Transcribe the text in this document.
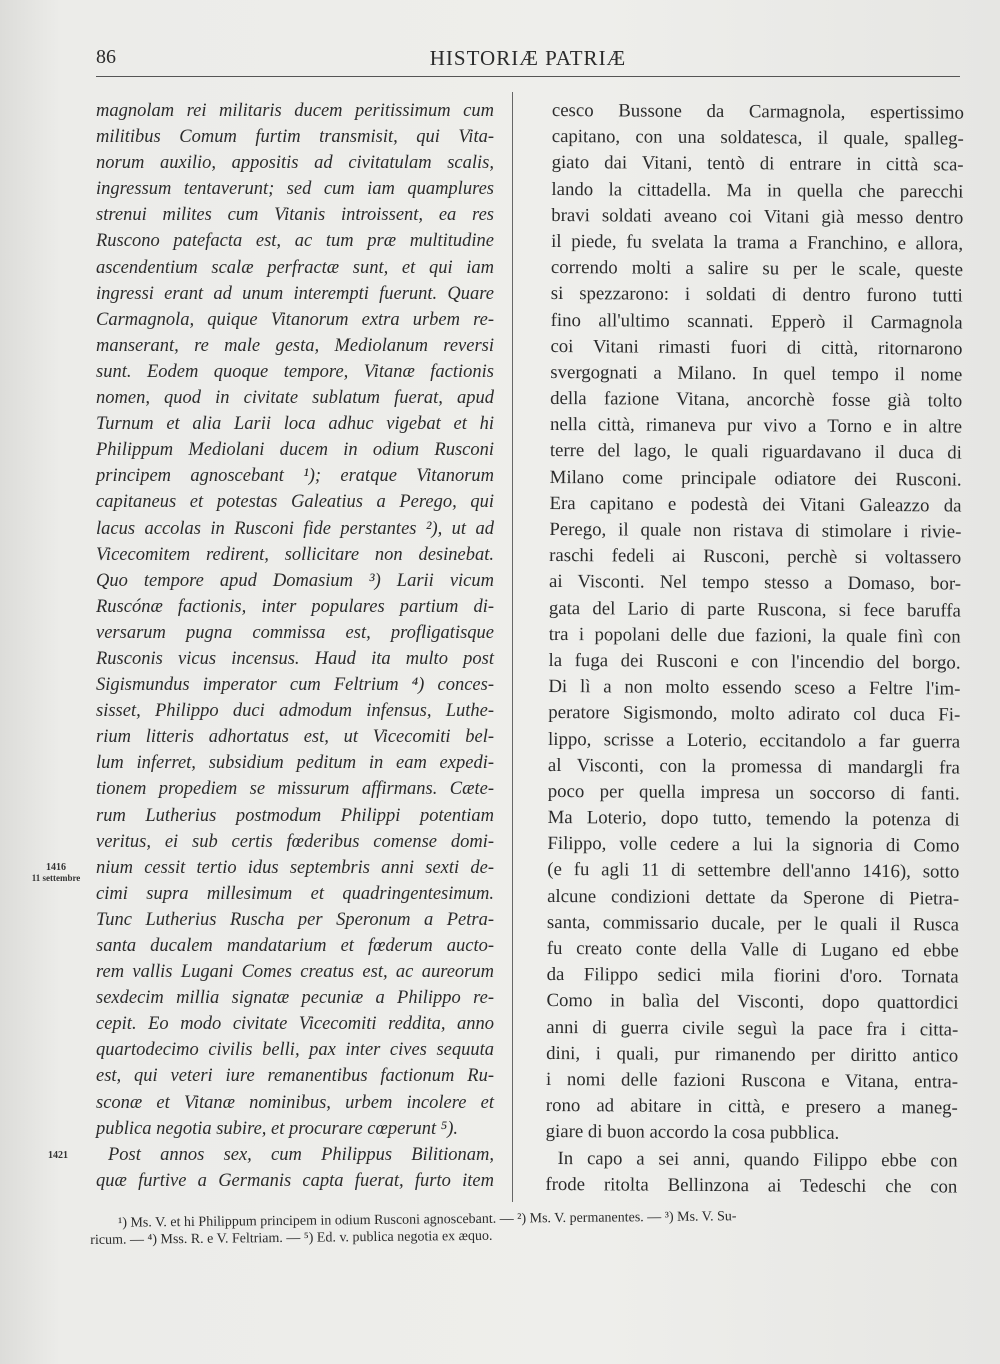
86	HISTORIÆ PATRIÆ
1416
11 settembre
1421
magnolam rei militaris ducem peritissimum cum
militibus Comum furtim transmisit, qui Vita-
norum auxilio, appositis ad civitatulam scalis,
ingressum tentaverunt; sed cum iam quamplures
strenui milites cum Vitanis introissent, ea res
Ruscono patefacta est, ac tum præ multitudine
ascendentium scalæ perfractæ sunt, et qui iam
ingressi erant ad unum interempti fuerunt. Quare
Carmagnola, quique Vitanorum extra urbem re-
manserant, re male gesta, Mediolanum reversi
sunt. Eodem quoque tempore, Vitanæ factionis
nomen, quod in civitate sublatum fuerat, apud
Turnum et alia Larii loca adhuc vigebat et hi
Philippum Mediolani ducem in odium Rusconi
principem agnoscebant ¹); eratque Vitanorum
capitaneus et potestas Galeatius a Perego, qui
lacus accolas in Rusconi fide perstantes ²), ut ad
Vicecomitem redirent, sollicitare non desinebat.
Quo tempore apud Domasium ³) Larii vicum
Ruscónæ factionis, inter populares partium di-
versarum pugna commissa est, profligatisque
Rusconis vicus incensus. Haud ita multo post
Sigismundus imperator cum Feltrium ⁴) conces-
sisset, Philippo duci admodum infensus, Luthe-
rium litteris adhortatus est, ut Vicecomiti bel-
lum inferret, subsidium peditum in eam expedi-
tionem propediem se missurum affirmans. Cæte-
rum Lutherius postmodum Philippi potentiam
veritus, ei sub certis fœderibus comense domi-
nium cessit tertio idus septembris anni sexti de-
cimi supra millesimum et quadringentesimum.
Tunc Lutherius Ruscha per Speronum a Petra-
santa ducalem mandatarium et fœderum aucto-
rem vallis Lugani Comes creatus est, ac aureorum
sexdecim millia signatæ pecuniæ a Philippo re-
cepit. Eo modo civitate Vicecomiti reddita, anno
quartodecimo civilis belli, pax inter cives sequuta
est, qui veteri iure remanentibus factionum Ru-
sconæ et Vitanæ nominibus, urbem incolere et
publica negotia subire, et procurare cœperunt ⁵).
Post annos sex, cum Philippus Bilitionam,
quæ furtive a Germanis capta fuerat, furto item
cesco Bussone da Carmagnola, espertissimo
capitano, con una soldatesca, il quale, spalleg-
giato dai Vitani, tentò di entrare in città sca-
lando la cittadella. Ma in quella che parecchi
bravi soldati aveano coi Vitani già messo dentro
il piede, fu svelata la trama a Franchino, e allora,
correndo molti a salire su per le scale, queste
si spezzarono: i soldati di dentro furono tutti
fino all'ultimo scannati. Epperò il Carmagnola
coi Vitani rimasti fuori di città, ritornarono
svergognati a Milano. In quel tempo il nome
della fazione Vitana, ancorchè fosse già tolto
nella città, rimaneva pur vivo a Torno e in altre
terre del lago, le quali riguardavano il duca di
Milano come principale odiatore dei Rusconi.
Era capitano e podestà dei Vitani Galeazzo da
Perego, il quale non ristava di stimolare i rivie-
raschi fedeli ai Rusconi, perchè si voltassero
ai Visconti. Nel tempo stesso a Domaso, bor-
gata del Lario di parte Ruscona, si fece baruffa
tra i popolani delle due fazioni, la quale finì con
la fuga dei Rusconi e con l'incendio del borgo.
Di lì a non molto essendo sceso a Feltre l'im-
peratore Sigismondo, molto adirato col duca Fi-
lippo, scrisse a Loterio, eccitandolo a far guerra
al Visconti, con la promessa di mandargli fra
poco per quella impresa un soccorso di fanti.
Ma Loterio, dopo tutto, temendo la potenza di
Filippo, volle cedere a lui la signoria di Como
(e fu agli 11 di settembre dell'anno 1416), sotto
alcune condizioni dettate da Sperone di Pietra-
santa, commissario ducale, per le quali il Rusca
fu creato conte della Valle di Lugano ed ebbe
da Filippo sedici mila fiorini d'oro. Tornata
Como in balìa del Visconti, dopo quattordici
anni di guerra civile seguì la pace fra i citta-
dini, i quali, pur rimanendo per diritto antico
i nomi delle fazioni Ruscona e Vitana, entra-
rono ad abitare in città, e presero a maneg-
giare di buon accordo la cosa pubblica.
In capo a sei anni, quando Filippo ebbe con
frode ritolta Bellinzona ai Tedeschi che con
¹) Ms. V. et hi Philippum principem in odium Rusconi agnoscebant. — ²) Ms. V. permanentes. — ³) Ms. V. Su-
ricum. — ⁴) Mss. R. e V. Feltriam. — ⁵) Ed. v. publica negotia ex æquo.
